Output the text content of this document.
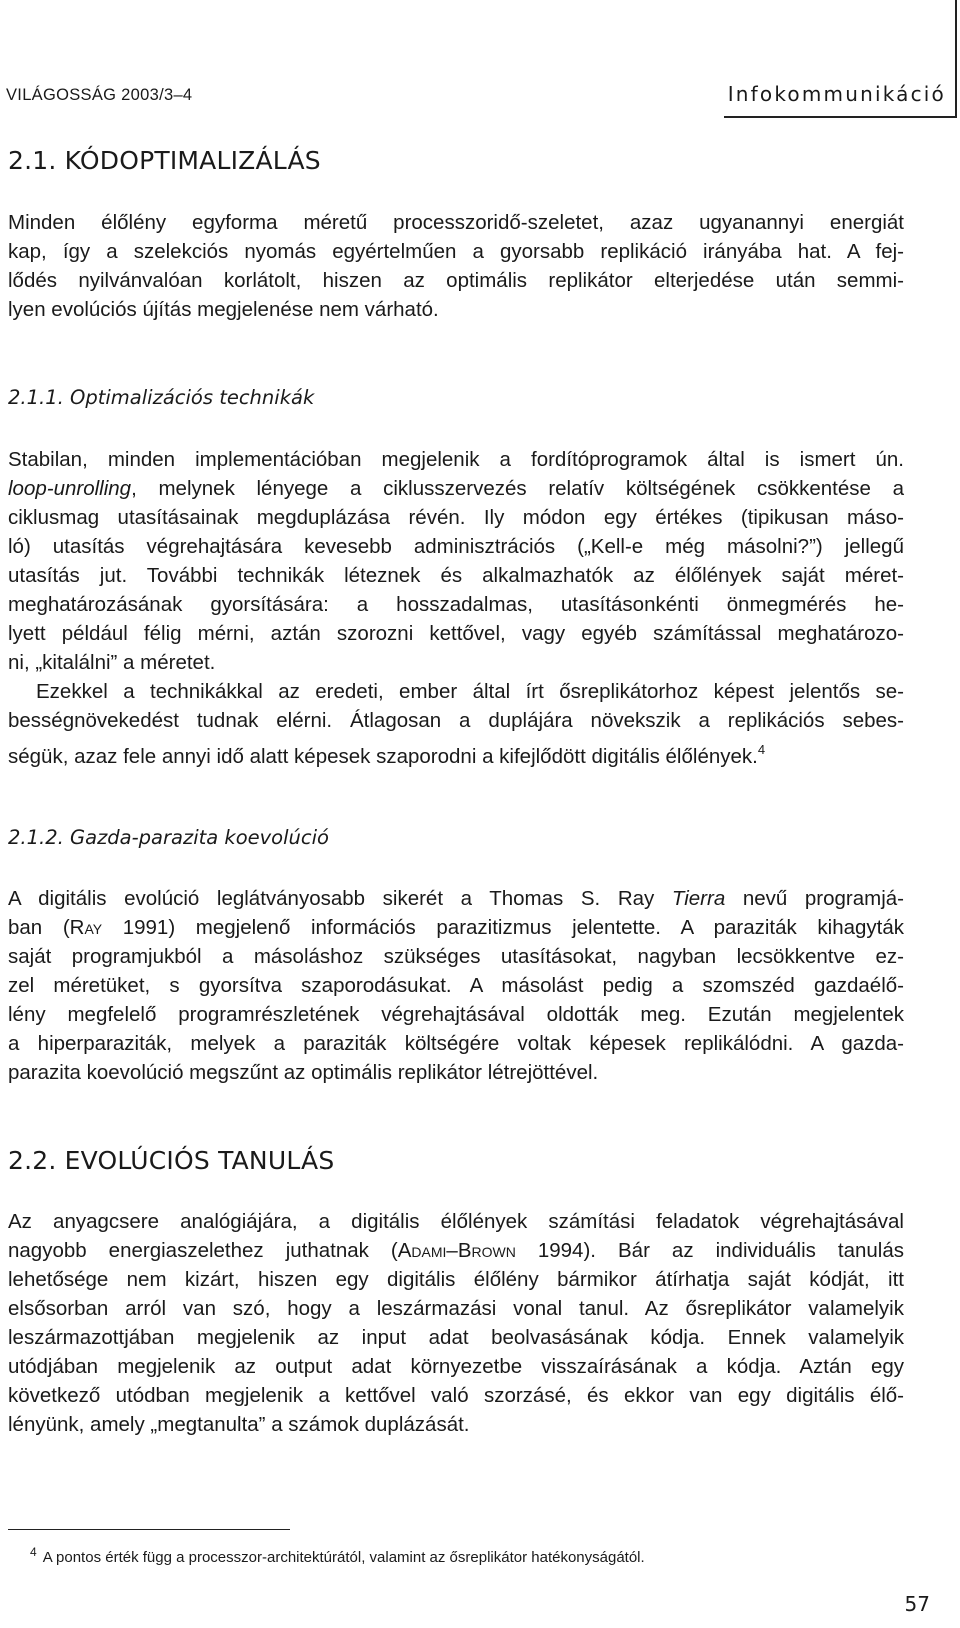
VILÁGOSSÁG 2003/3–4	Infokommunikáció
2.1. KÓDOPTIMALIZÁLÁS
Minden élőlény egyforma méretű processzoridő-szeletet, azaz ugyanannyi energiát
kap, így a szelekciós nyomás egyértelműen a gyorsabb replikáció irányába hat. A fej-
lődés nyilvánvalóan korlátolt, hiszen az optimális replikátor elterjedése után semmi-
lyen evolúciós újítás megjelenése nem várható.
2.1.1. Optimalizációs technikák
Stabilan, minden implementációban megjelenik a fordítóprogramok által is ismert ún.
loop-unrolling, melynek lényege a ciklusszervezés relatív költségének csökkentése a
ciklusmag utasításainak megduplázása révén. Ily módon egy értékes (tipikusan máso-
ló) utasítás végrehajtására kevesebb adminisztrációs („Kell-e még másolni?”) jellegű
utasítás jut. További technikák léteznek és alkalmazhatók az élőlények saját méret-
meghatározásának gyorsítására: a hosszadalmas, utasításonkénti önmegmérés he-
lyett például félig mérni, aztán szorozni kettővel, vagy egyéb számítással meghatározo-
ni, „kitalálni” a méretet.
Ezekkel a technikákkal az eredeti, ember által írt ősreplikátorhoz képest jelentős se-
bességnövekedést tudnak elérni. Átlagosan a duplájára növekszik a replikációs sebes-
ségük, azaz fele annyi idő alatt képesek szaporodni a kifejlődött digitális élőlények.$^4$
2.1.2. Gazda-parazita koevolúció
A digitális evolúció leglátványosabb sikerét a Thomas S. Ray Tierra nevű programjá-
ban (Ray 1991) megjelenő információs parazitizmus jelentette. A paraziták kihagyták
saját programjukból a másoláshoz szükséges utasításokat, nagyban lecsökkentve ez-
zel méretüket, s gyorsítva szaporodásukat. A másolást pedig a szomszéd gazdaélő-
lény megfelelő programrészletének végrehajtásával oldották meg. Ezután megjelentek
a hiperparaziták, melyek a paraziták költségére voltak képesek replikálódni. A gazda-
parazita koevolúció megszűnt az optimális replikátor létrejöttével.
2.2. EVOLÚCIÓS TANULÁS
Az anyagcsere analógiájára, a digitális élőlények számítási feladatok végrehajtásával
nagyobb energiaszelethez juthatnak (Adami–Brown 1994). Bár az individuális tanulás
lehetősége nem kizárt, hiszen egy digitális élőlény bármikor átírhatja saját kódját, itt
elsősorban arról van szó, hogy a leszármazási vonal tanul. Az ősreplikátor valamelyik
leszármazottjában megjelenik az input adat beolvasásának kódja. Ennek valamelyik
utódjában megjelenik az output adat környezetbe visszaírásának a kódja. Aztán egy
következő utódban megjelenik a kettővel való szorzásé, és ekkor van egy digitális élő-
lényünk, amely „megtanulta” a számok duplázását.
$^4$ A pontos érték függ a processzor-architektúrától, valamint az ősreplikátor hatékonyságától.
57
